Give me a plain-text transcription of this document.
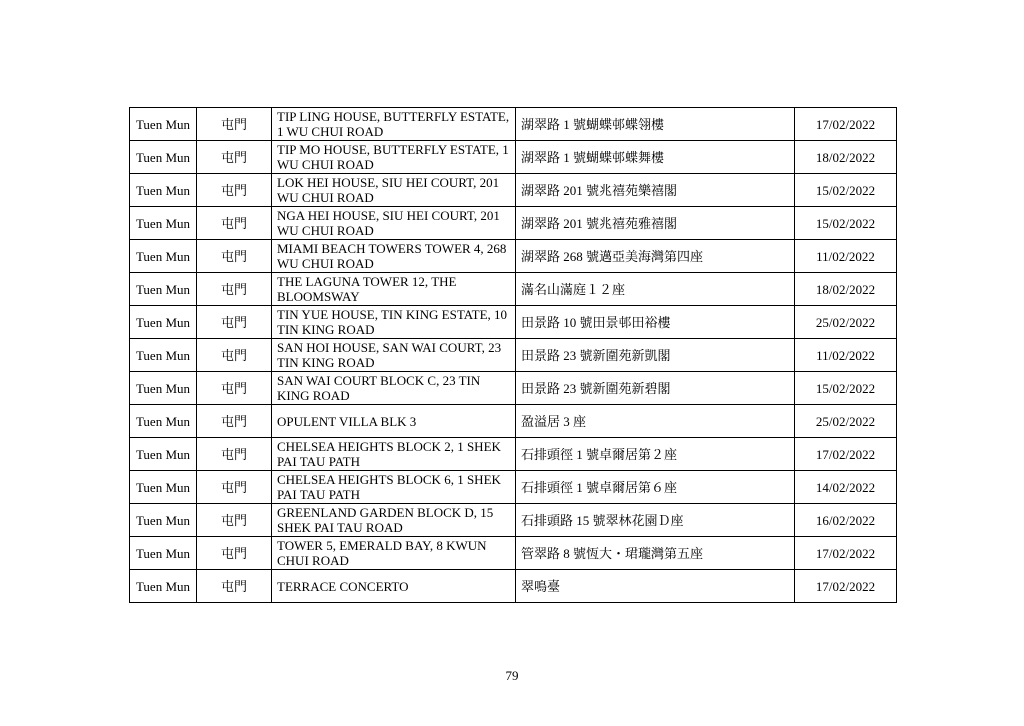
Tuen Mun	屯門	TIP LING HOUSE, BUTTERFLY ESTATE, 1 WU CHUI ROAD	湖翠路 1 號蝴蝶邨蝶翎樓	17/02/2022
Tuen Mun	屯門	TIP MO HOUSE, BUTTERFLY ESTATE, 1 WU CHUI ROAD	湖翠路 1 號蝴蝶邨蝶舞樓	18/02/2022
Tuen Mun	屯門	LOK HEI HOUSE, SIU HEI COURT, 201 WU CHUI ROAD	湖翠路 201 號兆禧苑樂禧閣	15/02/2022
Tuen Mun	屯門	NGA HEI HOUSE, SIU HEI COURT, 201 WU CHUI ROAD	湖翠路 201 號兆禧苑雅禧閣	15/02/2022
Tuen Mun	屯門	MIAMI BEACH TOWERS TOWER 4, 268 WU CHUI ROAD	湖翠路 268 號邁亞美海灣第四座	11/02/2022
Tuen Mun	屯門	THE LAGUNA TOWER 12, THE BLOOMSWAY	滿名山滿庭１２座	18/02/2022
Tuen Mun	屯門	TIN YUE HOUSE, TIN KING ESTATE, 10 TIN KING ROAD	田景路 10 號田景邨田裕樓	25/02/2022
Tuen Mun	屯門	SAN HOI HOUSE, SAN WAI COURT, 23 TIN KING ROAD	田景路 23 號新圍苑新凱閣	11/02/2022
Tuen Mun	屯門	SAN WAI COURT BLOCK C, 23 TIN KING ROAD	田景路 23 號新圍苑新碧閣	15/02/2022
Tuen Mun	屯門	OPULENT VILLA BLK 3	盈溢居 3 座	25/02/2022
Tuen Mun	屯門	CHELSEA HEIGHTS BLOCK 2, 1 SHEK PAI TAU PATH	石排頭徑 1 號卓爾居第２座	17/02/2022
Tuen Mun	屯門	CHELSEA HEIGHTS BLOCK 6, 1 SHEK PAI TAU PATH	石排頭徑 1 號卓爾居第６座	14/02/2022
Tuen Mun	屯門	GREENLAND GARDEN BLOCK D, 15 SHEK PAI TAU ROAD	石排頭路 15 號翠林花園Ｄ座	16/02/2022
Tuen Mun	屯門	TOWER 5, EMERALD BAY, 8 KWUN CHUI ROAD	管翠路 8 號恆大・珺瓏灣第五座	17/02/2022
Tuen Mun	屯門	TERRACE CONCERTO	翠鳴臺	17/02/2022
79
